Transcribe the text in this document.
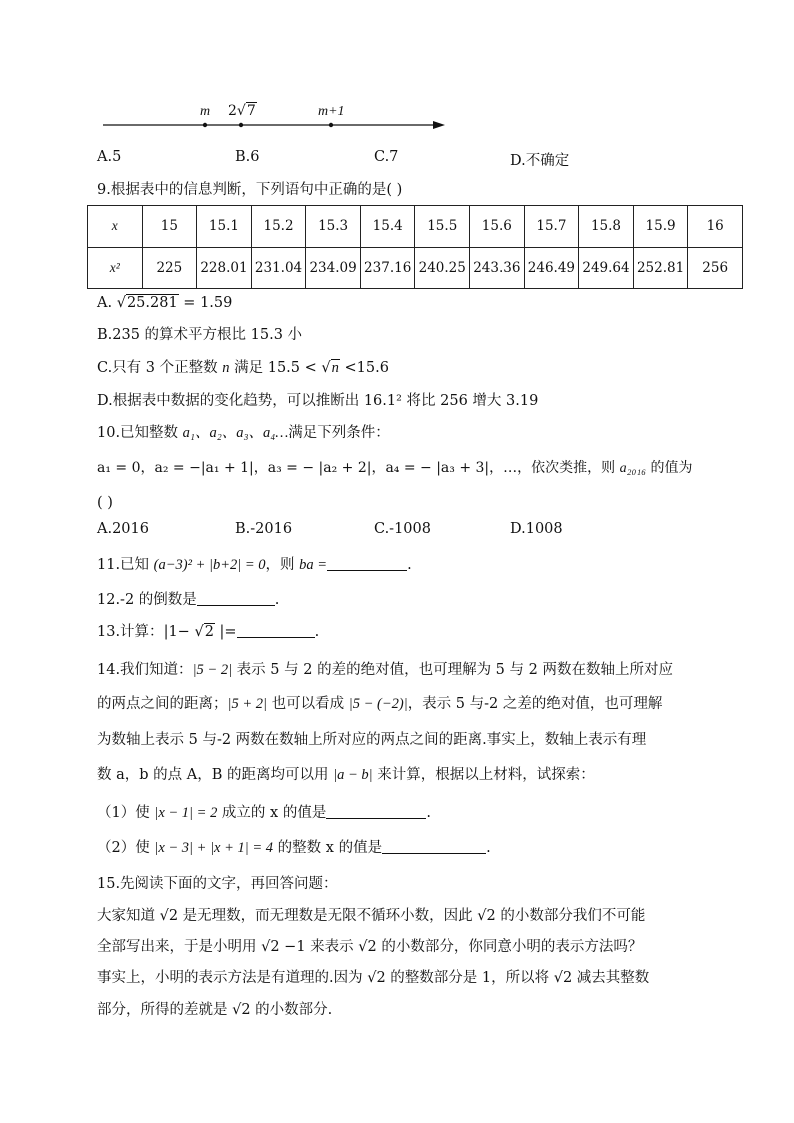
m 2√7	m+1
A.5	B.6	C.7	D.不确定
9.根据表中的信息判断，下列语句中正确的是( )
x	15	15.1	15.2	15.3	15.4	15.5	15.6	15.7	15.8	15.9	16
x²	225	228.01	231.04	234.09	237.16	240.25	243.36	246.49	249.64	252.81	256
A. √25.281 = 1.59
B.235 的算术平方根比 15.3 小
C.只有 3 个正整数 n 满足 15.5 < √n <15.6
D.根据表中数据的变化趋势，可以推断出 16.1² 将比 256 增大 3.19
10.已知整数 a₁、a₂、a₃、a₄…满足下列条件：
a₁ = 0，a₂ = −|a₁ + 1|，a₃ = − |a₂ + 2|，a₄ = − |a₃ + 3|，…，依次类推，则 a₂₀₁₆ 的值为
( )
A.2016	B.-2016	C.-1008	D.1008
11.已知 (a−3)² + |b+2| = 0，则 ba =	.
12.-2 的倒数是	.
13.计算：|1− √2 |=	.
14.我们知道：|5 − 2| 表示 5 与 2 的差的绝对值，也可理解为 5 与 2 两数在数轴上所对应
的两点之间的距离；|5 + 2| 也可以看成 |5 − (−2)|，表示 5 与-2 之差的绝对值，也可理解
为数轴上表示 5 与-2 两数在数轴上所对应的两点之间的距离.事实上，数轴上表示有理
数 a，b 的点 A，B 的距离均可以用 |a − b| 来计算，根据以上材料，试探索：
（1）使 |x − 1| = 2 成立的 x 的值是	.
（2）使 |x − 3| + |x + 1| = 4 的整数 x 的值是	.
15.先阅读下面的文字，再回答问题：
大家知道 √2 是无理数，而无理数是无限不循环小数，因此 √2 的小数部分我们不可能
全部写出来，于是小明用 √2 −1 来表示 √2 的小数部分，你同意小明的表示方法吗？
事实上，小明的表示方法是有道理的.因为 √2 的整数部分是 1，所以将 √2 减去其整数
部分，所得的差就是 √2 的小数部分.
